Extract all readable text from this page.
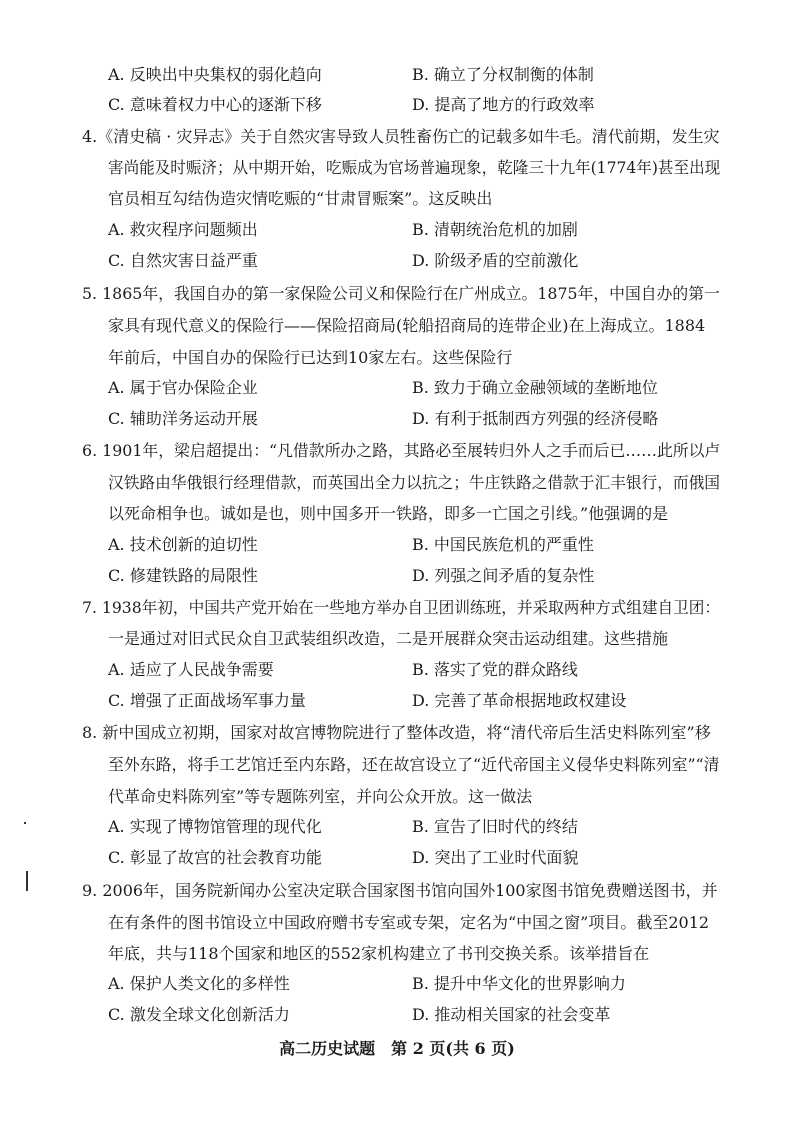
A. 反映出中央集权的弱化趋向	B. 确立了分权制衡的体制
C. 意味着权力中心的逐渐下移	D. 提高了地方的行政效率
4.《清史稿 · 灾异志》关于自然灾害导致人员牲畜伤亡的记载多如牛毛。清代前期，发生灾
害尚能及时赈济；从中期开始，吃赈成为官场普遍现象，乾隆三十九年(1774年)甚至出现
官员相互勾结伪造灾情吃赈的“甘肃冒赈案”。这反映出
A. 救灾程序问题频出	B. 清朝统治危机的加剧
C. 自然灾害日益严重	D. 阶级矛盾的空前激化
5. 1865年，我国自办的第一家保险公司义和保险行在广州成立。1875年，中国自办的第一
家具有现代意义的保险行——保险招商局(轮船招商局的连带企业)在上海成立。1884
年前后，中国自办的保险行已达到10家左右。这些保险行
A. 属于官办保险企业	B. 致力于确立金融领域的垄断地位
C. 辅助洋务运动开展	D. 有利于抵制西方列强的经济侵略
6. 1901年，梁启超提出：“凡借款所办之路，其路必至展转归外人之手而后已……此所以卢
汉铁路由华俄银行经理借款，而英国出全力以抗之；牛庄铁路之借款于汇丰银行，而俄国
以死命相争也。诚如是也，则中国多开一铁路，即多一亡国之引线。”他强调的是
A. 技术创新的迫切性	B. 中国民族危机的严重性
C. 修建铁路的局限性	D. 列强之间矛盾的复杂性
7. 1938年初，中国共产党开始在一些地方举办自卫团训练班，并采取两种方式组建自卫团：
一是通过对旧式民众自卫武装组织改造，二是开展群众突击运动组建。这些措施
A. 适应了人民战争需要	B. 落实了党的群众路线
C. 增强了正面战场军事力量	D. 完善了革命根据地政权建设
8. 新中国成立初期，国家对故宫博物院进行了整体改造，将“清代帝后生活史料陈列室”移
至外东路，将手工艺馆迁至内东路，还在故宫设立了“近代帝国主义侵华史料陈列室”“清
代革命史料陈列室”等专题陈列室，并向公众开放。这一做法
A. 实现了博物馆管理的现代化	B. 宣告了旧时代的终结
C. 彰显了故宫的社会教育功能	D. 突出了工业时代面貌
9. 2006年，国务院新闻办公室决定联合国家图书馆向国外100家图书馆免费赠送图书，并
在有条件的图书馆设立中国政府赠书专室或专架，定名为“中国之窗”项目。截至2012
年底，共与118个国家和地区的552家机构建立了书刊交换关系。该举措旨在
A. 保护人类文化的多样性	B. 提升中华文化的世界影响力
C. 激发全球文化创新活力	D. 推动相关国家的社会变革
高二历史试题　第 2 页(共 6 页)
